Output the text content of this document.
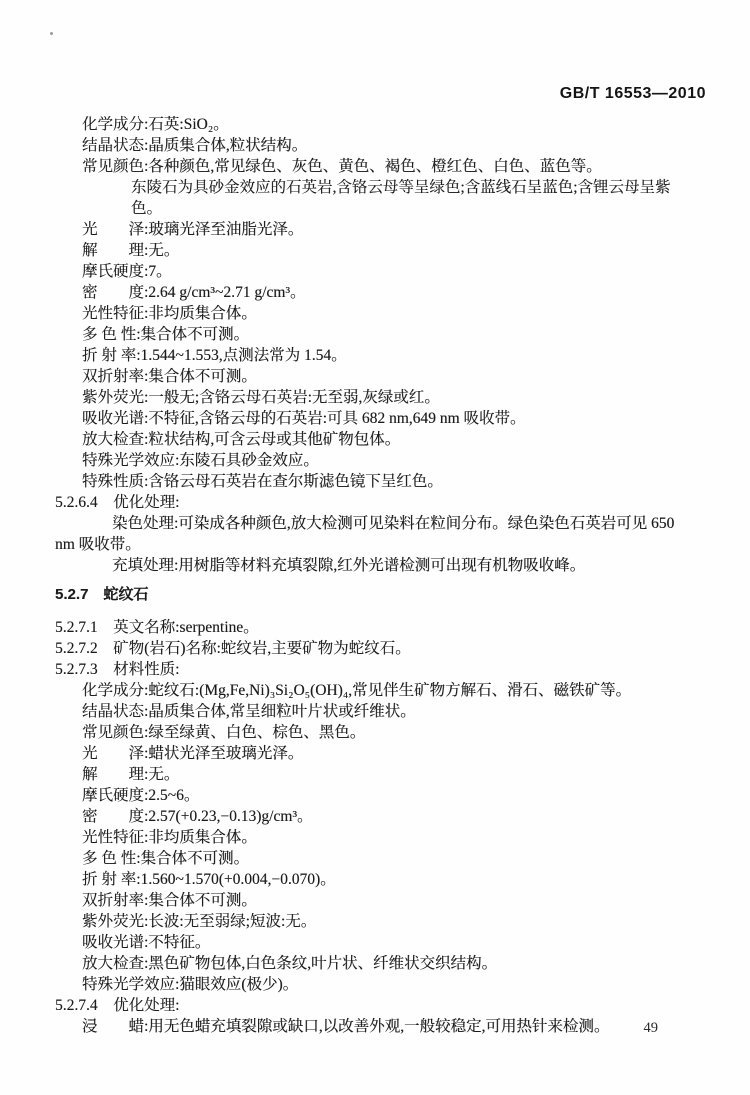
GB/T 16553—2010
化学成分:石英:SiO₂。
结晶状态:晶质集合体,粒状结构。
常见颜色:各种颜色,常见绿色、灰色、黄色、褐色、橙红色、白色、蓝色等。
东陵石为具砂金效应的石英岩,含铬云母等呈绿色;含蓝线石呈蓝色;含锂云母呈紫色。
光　　泽:玻璃光泽至油脂光泽。
解　　理:无。
摩氏硬度:7。
密　　度:2.64 g/cm³~2.71 g/cm³。
光性特征:非均质集合体。
多 色 性:集合体不可测。
折 射 率:1.544~1.553,点测法常为 1.54。
双折射率:集合体不可测。
紫外荧光:一般无;含铬云母石英岩:无至弱,灰绿或红。
吸收光谱:不特征,含铬云母的石英岩:可具 682 nm,649 nm 吸收带。
放大检查:粒状结构,可含云母或其他矿物包体。
特殊光学效应:东陵石具砂金效应。
特殊性质:含铬云母石英岩在查尔斯滤色镜下呈红色。
5.2.6.4　优化处理:
染色处理:可染成各种颜色,放大检测可见染料在粒间分布。绿色染色石英岩可见 650 nm 吸收带。
充填处理:用树脂等材料充填裂隙,红外光谱检测可出现有机物吸收峰。
5.2.7　蛇纹石
5.2.7.1　英文名称:serpentine。
5.2.7.2　矿物(岩石)名称:蛇纹岩,主要矿物为蛇纹石。
5.2.7.3　材料性质:
化学成分:蛇纹石:(Mg,Fe,Ni)₃Si₂O₅(OH)₄,常见伴生矿物方解石、滑石、磁铁矿等。
结晶状态:晶质集合体,常呈细粒叶片状或纤维状。
常见颜色:绿至绿黄、白色、棕色、黑色。
光　　泽:蜡状光泽至玻璃光泽。
解　　理:无。
摩氏硬度:2.5~6。
密　　度:2.57(+0.23,−0.13)g/cm³。
光性特征:非均质集合体。
多 色 性:集合体不可测。
折 射 率:1.560~1.570(+0.004,−0.070)。
双折射率:集合体不可测。
紫外荧光:长波:无至弱绿;短波:无。
吸收光谱:不特征。
放大检查:黑色矿物包体,白色条纹,叶片状、纤维状交织结构。
特殊光学效应:猫眼效应(极少)。
5.2.7.4　优化处理:
浸　　蜡:用无色蜡充填裂隙或缺口,以改善外观,一般较稳定,可用热针来检测。	49
